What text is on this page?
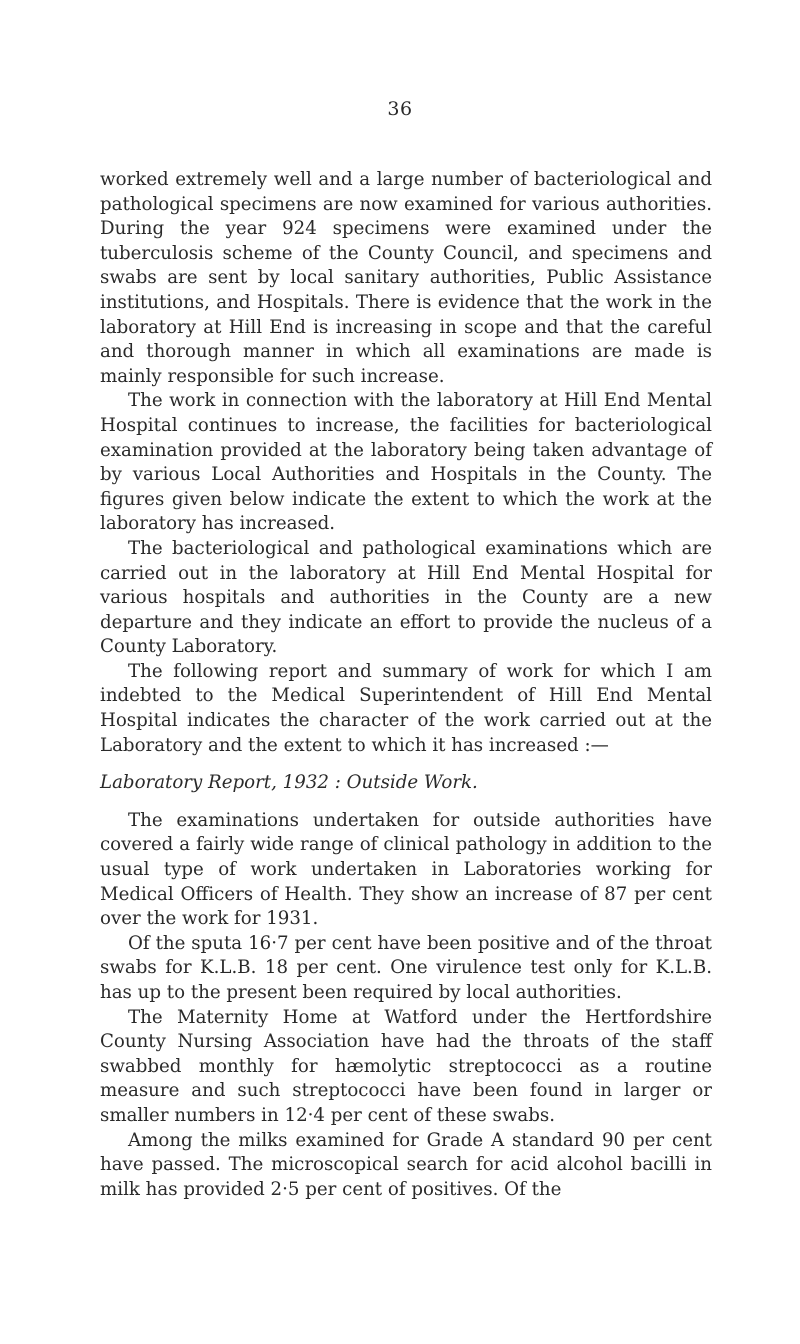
36

worked extremely well and a large number of bacteriological and pathological specimens are now examined for various authorities. During the year 924 specimens were examined under the tuberculosis scheme of the County Council, and specimens and swabs are sent by local sanitary authorities, Public Assistance institutions, and Hospitals. There is evidence that the work in the laboratory at Hill End is increasing in scope and that the careful and thorough manner in which all examinations are made is mainly responsible for such increase.

The work in connection with the laboratory at Hill End Mental Hospital continues to increase, the facilities for bacteriological examination provided at the laboratory being taken advantage of by various Local Authorities and Hospitals in the County. The figures given below indicate the extent to which the work at the laboratory has increased.

The bacteriological and pathological examinations which are carried out in the laboratory at Hill End Mental Hospital for various hospitals and authorities in the County are a new departure and they indicate an effort to provide the nucleus of a County Laboratory.

The following report and summary of work for which I am indebted to the Medical Superintendent of Hill End Mental Hospital indicates the character of the work carried out at the Laboratory and the extent to which it has increased :—

Laboratory Report, 1932 : Outside Work.

The examinations undertaken for outside authorities have covered a fairly wide range of clinical pathology in addition to the usual type of work undertaken in Laboratories working for Medical Officers of Health. They show an increase of 87 per cent over the work for 1931.

Of the sputa 16·7 per cent have been positive and of the throat swabs for K.L.B. 18 per cent. One virulence test only for K.L.B. has up to the present been required by local authorities.

The Maternity Home at Watford under the Hertfordshire County Nursing Association have had the throats of the staff swabbed monthly for hæmolytic streptococci as a routine measure and such streptococci have been found in larger or smaller numbers in 12·4 per cent of these swabs.

Among the milks examined for Grade A standard 90 per cent have passed. The microscopical search for acid alcohol bacilli in milk has provided 2·5 per cent of positives. Of the
